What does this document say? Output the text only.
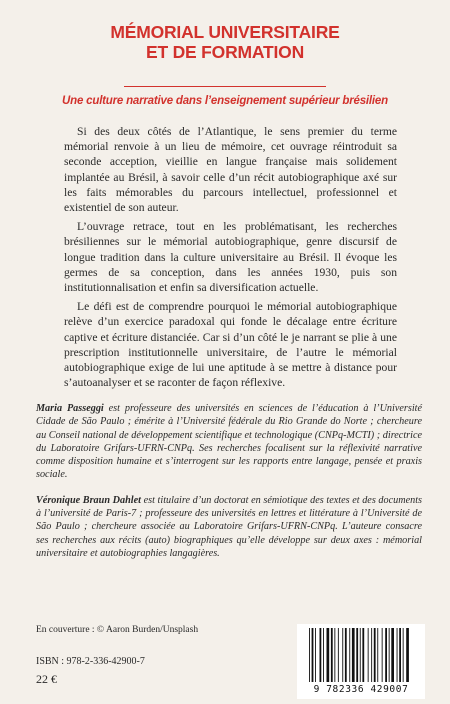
MÉMORIAL UNIVERSITAIRE
ET DE FORMATION
Une culture narrative dans l’enseignement supérieur brésilien

Si des deux côtés de l’Atlantique, le sens premier du terme mémorial renvoie à un lieu de mémoire, cet ouvrage réintroduit sa seconde acception, vieillie en langue française mais solidement implantée au Brésil, à savoir celle d’un récit autobiographique axé sur les faits mémorables du parcours intellectuel, professionnel et existentiel de son auteur.

L’ouvrage retrace, tout en les problématisant, les recherches brésiliennes sur le mémorial autobiographique, genre discursif de longue tradition dans la culture universitaire au Brésil. Il évoque les germes de sa conception, dans les années 1930, puis son institutionnalisation et enfin sa diversification actuelle.

Le défi est de comprendre pourquoi le mémorial autobiographique relève d’un exercice paradoxal qui fonde le décalage entre écriture captive et écriture distanciée. Car si d’un côté le je narrant se plie à une prescription institutionnelle universitaire, de l’autre le mémorial autobiographique exige de lui une aptitude à se mettre à distance pour s’autoanalyser et se raconter de façon réflexive.

Maria Passeggi est professeure des universités en sciences de l’éducation à l’Université Cidade de São Paulo ; émérite à l’Université fédérale du Rio Grande do Norte ; chercheure au Conseil national de développement scientifique et technologique (CNPq-MCTI) ; directrice du Laboratoire Grifars-UFRN-CNPq. Ses recherches focalisent sur la réflexivité narrative comme disposition humaine et s’interrogent sur les rapports entre langage, pensée et praxis sociale.

Véronique Braun Dahlet est titulaire d’un doctorat en sémiotique des textes et des documents à l’université de Paris-7 ; professeure des universités en lettres et littérature à l’Université de São Paulo ; chercheure associée au Laboratoire Grifars-UFRN-CNPq. L’auteure consacre ses recherches aux récits (auto) biographiques qu’elle développe sur deux axes : mémorial universitaire et autobiographies langagières.

En couverture : © Aaron Burden/Unsplash
ISBN : 978-2-336-42900-7
22 €
9 782336 429007
